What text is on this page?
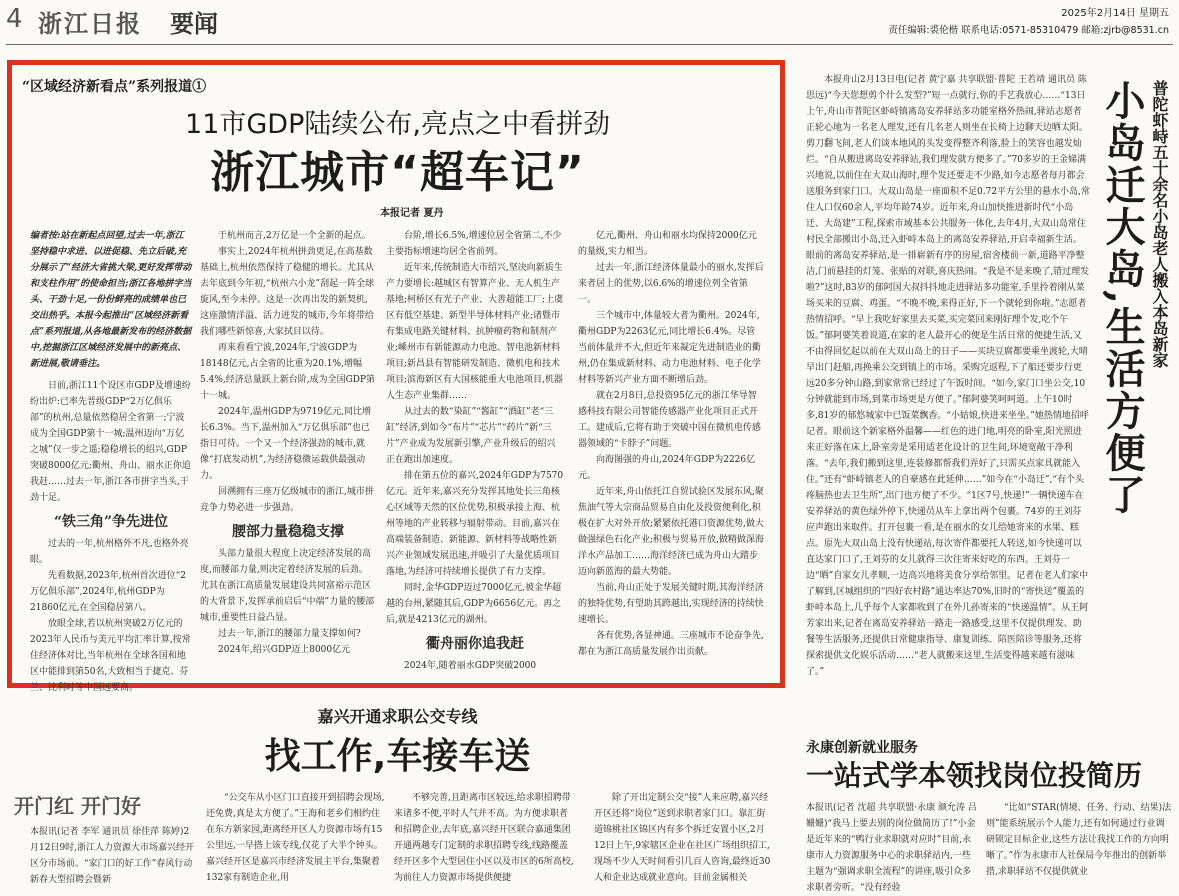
4 浙江日报 要闻	2025年2月14日 星期五
责任编辑:裘伦楷 联系电话:0571-85310479 邮箱:zjrb@8531.cn
“区域经济新看点”系列报道①
11市GDP陆续公布,亮点之中看拼劲
浙江城市“超车记”
本报记者 夏丹
编者按:站在新起点回望,过去一年,浙江坚持稳中求进、以进促稳、先立后破,充分展示了“经济大省挑大梁,更好发挥带动和支柱作用”的使命担当;浙江各地拼字当头、干劲十足,一份份鲜亮的成绩单也已交出热乎。本报今起推出“区域经济新看点”系列报道,从各地最新发布的经济数据中,挖掘浙江区域经济发展中的新亮点、新进展,敬请垂注。

日前,浙江11个设区市GDP及增速纷纷出炉:已率先晋级GDP“2万亿俱乐部”的杭州,总量依然稳居全省第一;宁波成为全国GDP第十一城;温州迈向“万亿之城”仅一步之遥;稳稳增长的绍兴,GDP突破8000亿元;衢州、舟山、丽水正你追我赶……过去一年,浙江各市拼字当头,干劲十足。

“铁三角”争先进位

过去的一年,杭州格外不凡,也格外亮眼。

先看数据,2023年,杭州首次进位“2万亿俱乐部”,2024年,杭州GDP为21860亿元,在全国稳居第八。

放眼全球,若以杭州突破2万亿元的2023年人民币与美元平均汇率计算,按常住经济体对比,当年杭州在全球各国和地区中能排到第50名,大致相当于捷克、芬兰、比利时等中国远要高。

于杭州而言,2万亿是一个全新的起点。

事实上,2024年杭州拼劲更足,在高基数基础上,杭州依然保持了稳健的增长。尤其从去年底到今年初,“杭州六小龙”刮起一阵全球旋风,至今未停。这是一次再出发的新契机,这座激情洋溢、活力迸发的城市,今年将带给我们哪些新惊喜,大家拭目以待。

再来看看宁波,2024年,宁波GDP为18148亿元,占全省的比重为20.1%,增幅5.4%,经济总量跃上新台阶,成为全国GDP第十一城。

2024年,温州GDP为9719亿元,同比增长6.3%。当下,温州加入“万亿俱乐部”也已指日可待。一个又一个经济强劲的城市,就像“打底发动机”,为经济稳微运载供最强动力。

回溯拥有三座万亿级城市的浙江,城市拼竞争力势必进一步强劲。

腰部力量稳稳支撑

头部力量很大程度上决定经济发展的高度,而腰部力量,则决定着经济发展的后劲。尤其在浙江高质量发展建设共同富裕示范区的大背景下,发挥承前启后“中端”力量的腰部城市,重要性日益凸显。

过去一年,浙江的腰部力量支撑如何?

2024年,绍兴GDP迈上8000亿元

台阶,增长6.5%,增速位居全省第二,不少主要指标增速均居全省前列。

近年来,传统制造大市绍兴,坚决向新质生产力要增长:越城区有智算产业、无人机生产基地;柯桥区有光子产业、大善超能工厂;上虞区有低空基建、新型半导体材料产业;诸暨市有集成电路关键材料、抗肿瘤药物和制剂产业;嵊州市有新能源动力电池、智电池新材料项目;新昌县有智能研发制造、微机电和技术项目;滨海新区有大国核能重大电池项目,机器人生态产业集群……

从过去的数“染缸”“酱缸”“酒缸”老“三缸”经济,到如今“布片”“芯片”“药片”新“三片”产业成为发展新引擎,产业升级后的绍兴正在跑出加速度。

排在第五位的嘉兴,2024年GDP为7570亿元。近年来,嘉兴充分发挥其地处长三角核心区域等天然的区位优势,积极承接上海、杭州等地的产业转移与辐射带动。目前,嘉兴在高端装备制造、新能源、新材料等战略性新兴产业领域发展迅速,并吸引了大量优质项目落地,为经济可持续增长提供了有力支撑。

同时,金华GDP迈过7000亿元,被金华超越的台州,紧随其后,GDP为6656亿元。再之后,就是4213亿元的湖州。

衢舟丽你追我赶

2024年,随着丽水GDP突破2000

亿元,衢州、舟山和丽水均保持2000亿元的量级,实力相当。

过去一年,浙江经济体量最小的丽水,发挥后来者居上的优势,以6.6%的增速位列全省第一。

三个城市中,体量较大者为衢州。2024年,衢州GDP为2263亿元,同比增长6.4%。尽管当前体量并不大,但近年来凝定先进制造业的衢州,仍在集成新材料、动力电池材料、电子化学材料等新兴产业方面不断增后劲。

就在2月8日,总投资95亿元的浙江华导智感科技有限公司智能传感器产业化项目正式开工。建成后,它将有助于突破中国在微机电传感器领域的“卡脖子”问题。

向海图强的舟山,2024年GDP为2226亿元。

近年来,舟山依托江自贸试验区发展东风,聚焦油气等大宗商品贸易自由化及投资便利化,积极在扩大对外开放;紧紧依托港口资源优势,做大做强绿色石化产业;积极与贸易开放,做精做深海洋水产品加工……海洋经济已成为舟山大踏步迈向新蓝海的最大势能。

当前,舟山正处于发展关键时期,其海洋经济的独特优势,有望助其跨越出,实现经济的持续快速增长。

各有优势,各显神通。三座城市不论奋争先,都在为浙江高质量发展作出贡献。

普陀虾峙五十余名小岛老人搬入本岛新家
小岛迁大岛,生活方便了
本报舟山2月13日电(记者 黄宁嘉 共享联盟·普陀 王若靖 通讯员 陈思远)“今天您想剪个什么发型?”短一点就行,你的手艺我放心……“13日上午,舟山市普陀区虾峙镇离岛安养驿站多功能室格外热闹,驿站志愿者正轮心地为一名老人理发,还有几名老人则坐在长椅上边聊天边晒太阳。剪刀翻飞间,老人们谈本地风的头发变得整齐利落,脸上的笑容也越发灿烂。“自从搬进离岛安养驿站,我们理发就方便多了。”70多岁的王金娣满兴地说,以前住在大双山海时,理个发还要走不少路,如今志愿者每月都会送服务到家门口。大双山岛是一座面积不足0.72平方公里的悬水小岛,常住人口仅60余人,平均年龄74岁。近年来,舟山加快推进新时代“小岛迁、大岛建”工程,探索市域基本公共服务一体化,去年4月,大双山岛常住村民全部搬出小岛,迁入虾峙本岛上的离岛安养驿站,开启幸福新生活。眼前的离岛安养驿站,是一排崭新有序的房屋,宿舍楼前一新,道路平净整洁,门前悬挂的灯笼、张贴的对联,喜庆热闹。“我是不是来晚了,错过理发啦?”这时,83岁的郁阿国大叔抖抖地走进驿站多功能室,手里拎着刚从菜场买来的豆腐、鸡蛋。“不晚不晚,来得正好,下一个就轮到你啦。”志愿者热情招呼。“早上我吃好家里去买菜,买完菜回来刚好理个发,吃个午饭。”郁阿婆笑着说道,在家的老人最开心的便是生活日常的便捷生活,又不由得回忆起以前在大双山岛上的日子——买块豆腐都要乘坐渡轮,大晴早出门赶船,再换乘公交到镇上的市场。采购完返程,下了船还要步行更远20多分钟山路,到家常常已经过了午饭时间。“如今,家门口坐公交,10分钟就能到市场,到菜市场更是方便了。”郁阿婆笑呵呵道。上午10时多,81岁的郁悠城家中已饭菜飘香。“小姑娘,快进来坐坐。”她热情地招呼记者。眼前这个新家格外温馨——红色的进门地,明亮的卧室,阳光照进来正好落在床上,卧室旁是采用适老化设计的卫生间,环境宽敞干净利落。“去年,我们搬到这里,连装修都帮我们弄好了,只需买点家具就能入住。”还有“虾峙镇老人的自豪感在此延伸……”如今在“小岛迁”,“有个头疼脑热也去卫生所”,出门也方便了不少。“1区7号,快递!”一辆快递车在安养驿站的黄色绿外停下,快递员从车上拿出两个包裹。74岁的王刘芬应声跑出来取件。打开包裹一看,是在丽水的女儿给她寄来的水果、糕点。原先大双山岛上没有快递站,每次寄件都要托人转送,如今快递可以直达家门口了,王刘芬的女儿就得三次往寄来好吃的东西。王刘芬一边“晒”自家女儿孝顺,一边高兴地将美食分享给邻里。记者在老人们家中了解到,区城组织的“四好农村路”通达率达70%,旧时的“寄快送”覆盖的虾峙本岛上,几乎每个人家都收到了在外儿孙寄来的“快递温情”。从王阿芳家出来,记者在离岛安养驿站一路走一路感受,这里不仅提供理发、助餐等生活服务,还提供日常健康指导、康复训练、陪医陪诊等服务,还将探索提供文化娱乐活动……“老人就搬来这里,生活变得越来越有滋味了。”
嘉兴开通求职公交专线
找工作,车接车送
开门红 开门好
本报讯(记者 李军 通讯员 徐佳萍 陈婷)2月12日9时,浙江人力资源大市场嘉兴经开区分市场前。“家门口的好工作”春风行动新春大型招聘会暨新
“公交车从小区门口直接开到招聘会现场,还免费,真是太方便了。”王海和老乡们相约住在东方新家园,距离经开区人力资源市场有15公里远,一早搭上该专线,仅花了大半个钟头。嘉兴经开区是嘉兴市经济发展主平台,集聚着132家有制造企业,用
不够完善,且距离市区较远,给求职招聘带来诸多不便,平时人气并不高。为方便求职者和招聘企业,去年底,嘉兴经开区联合嘉通集团开通两趟专门定制的求职招聘专线,线路覆盖经开区多个大型居住小区以及市区的6所高校,为前往人力资源市场提供便捷
除了开出定制公交“接”人来应聘,嘉兴经开区还将“岗位”送到求职者家门口。靠汇街道锦桃社区锦区内有多个拆迁安置小区,2月12日上午,9家辖区企业在社区广场组织招工,现场不少人天时间看引几百人咨询,最终近30人和企业达成就业意向。目前金属相关
永康创新就业服务
一站式学本领找岗位投简历
本报讯(记者 沈超 共享联盟·永康 颜允涛 吕姗姗)“我马上要去别的岗位做简历了!”小金是近年来的“鸭行业求职就对应时”目前,永康市人力资源服务中心的求职驿站内,一些主题为“强调求职全流程”的讲座,吸引众多求职者旁听。“没有经验
“比如“STAR(情境、任务、行动、结果)法则”能系统展示个人能力,还有如何通过行业调研锁定目标企业,这些方法让我找工作的方向明晰了。”作为永康市人社保局今年推出的创新举措,求职驿站不仅提供就业
